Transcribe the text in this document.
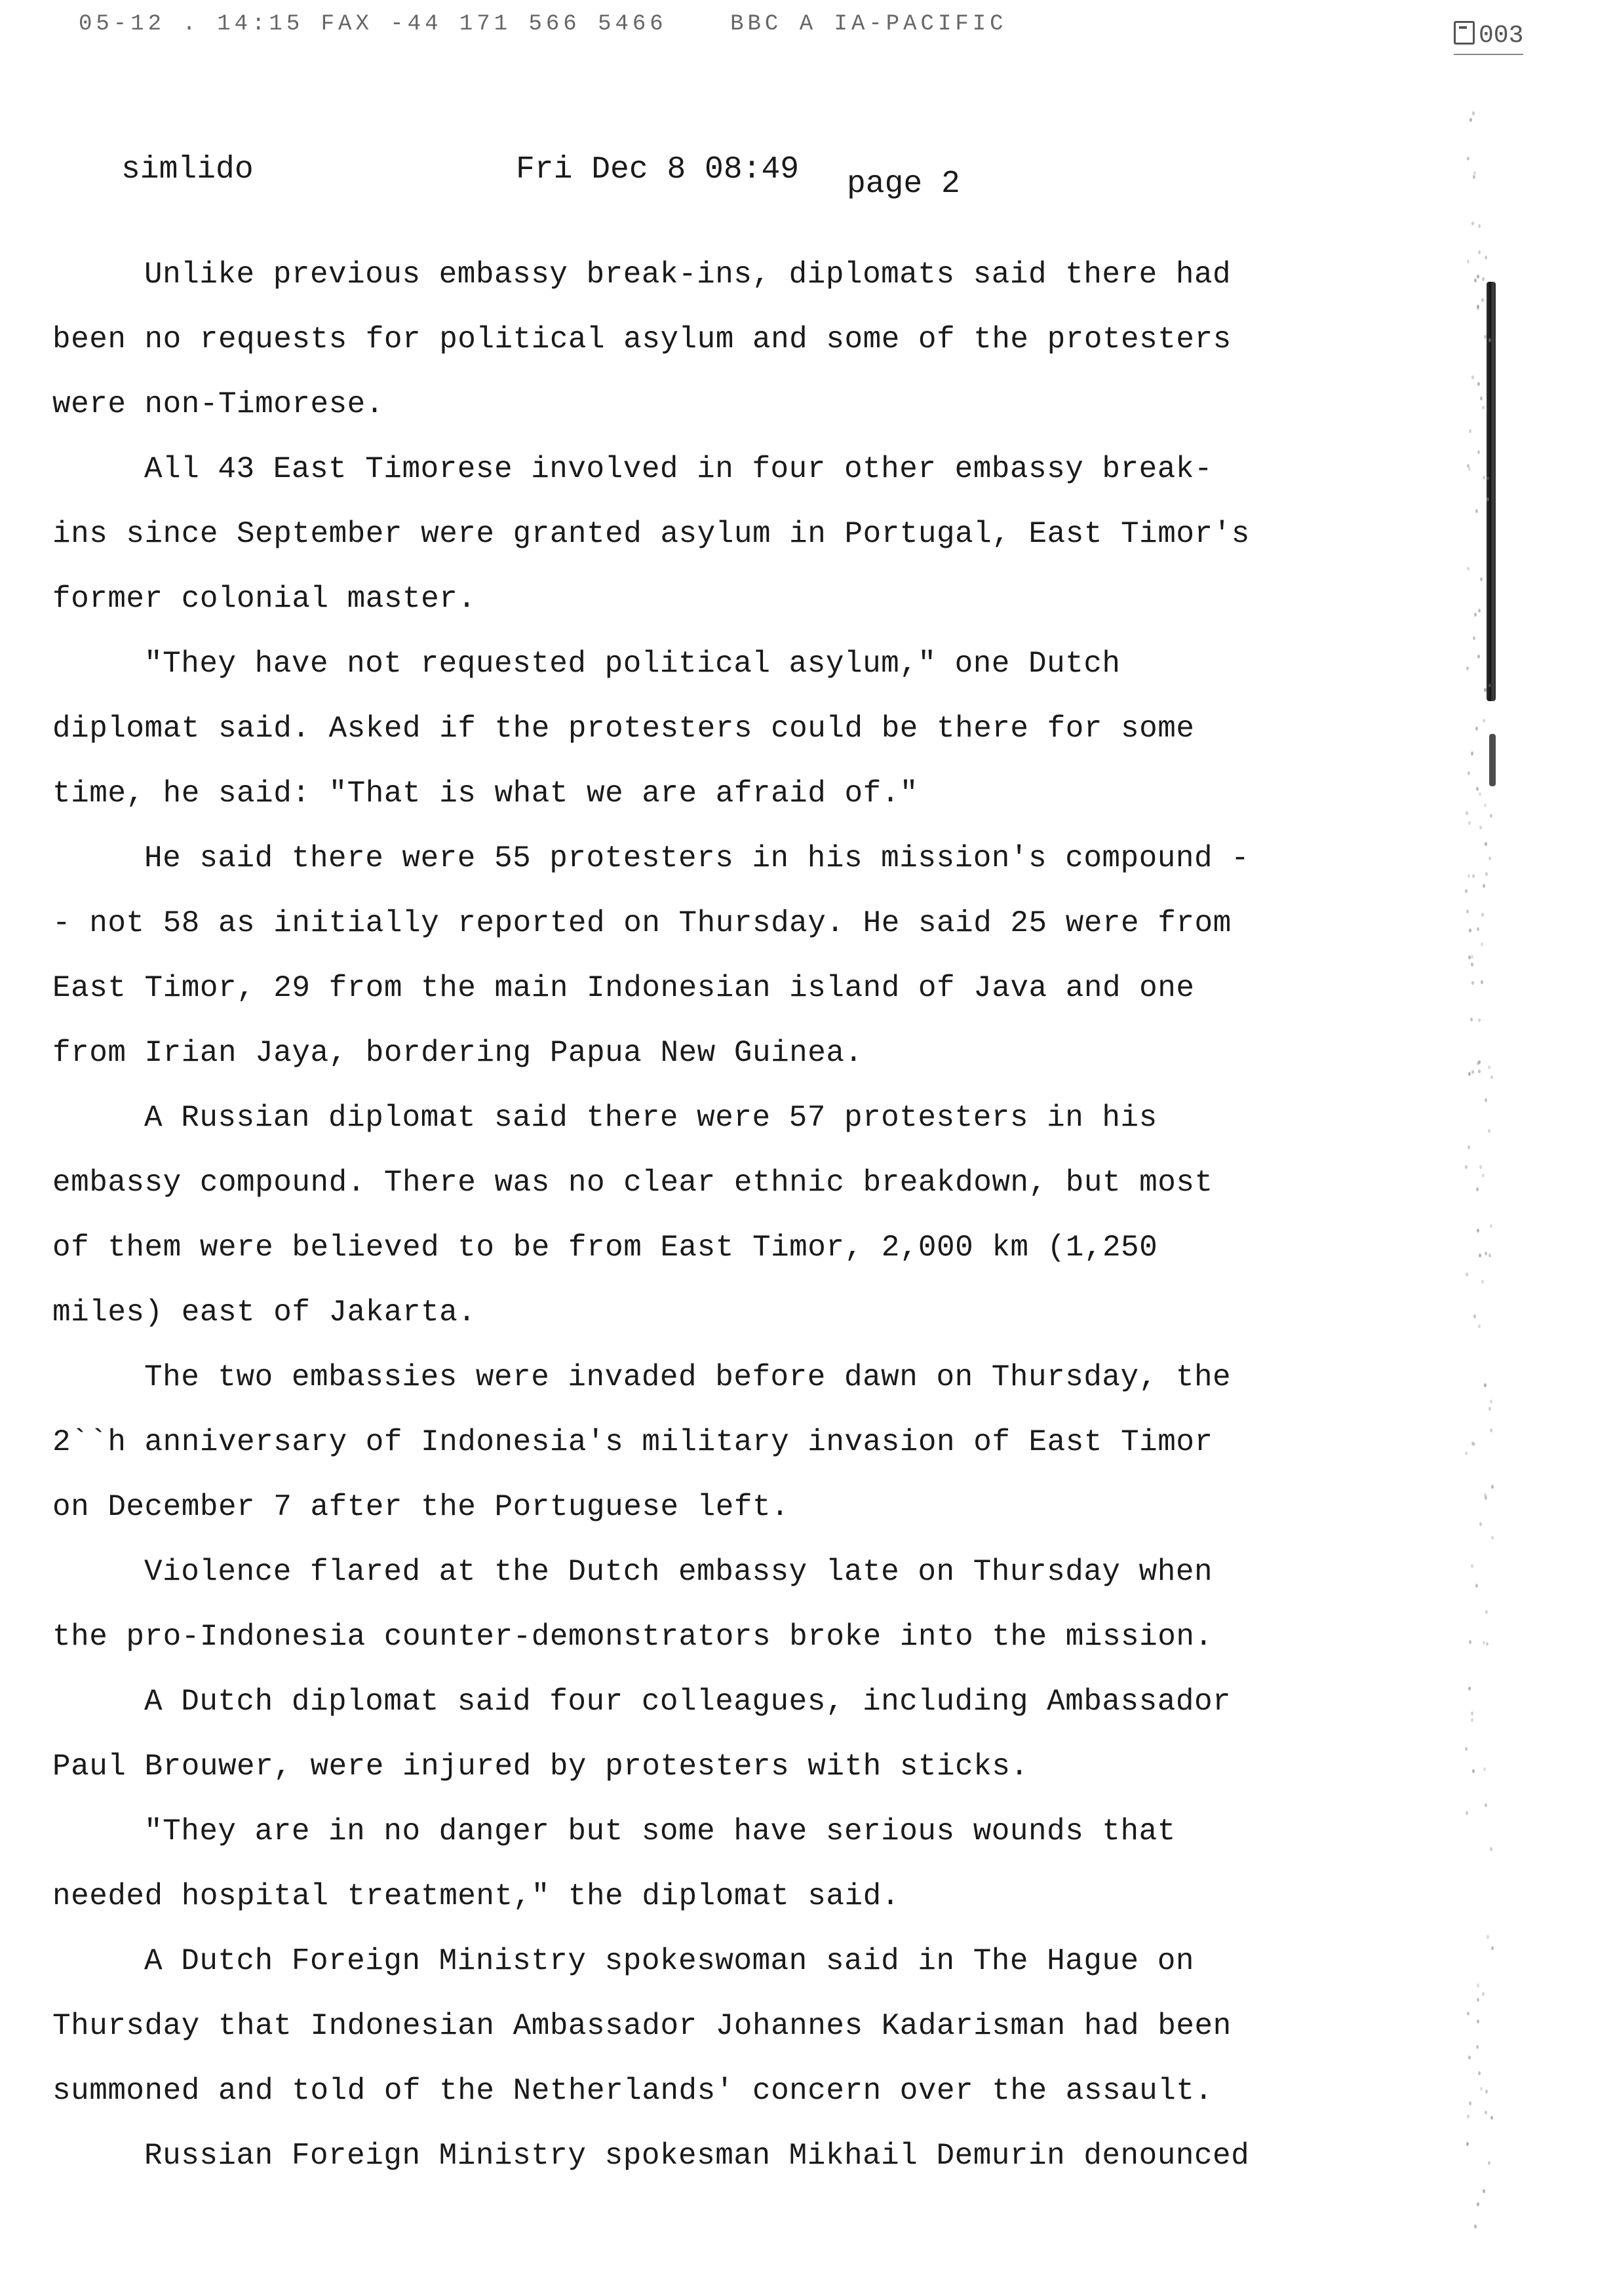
05-12 . 14:15 FAX -44 171 566 5466	BBC A IA-PACIFIC	003
simlido	Fri Dec 8 08:49 page 2

Unlike previous embassy break-ins, diplomats said there had been no requests for political asylum and some of the protesters were non-Timorese.

All 43 East Timorese involved in four other embassy break-ins since September were granted asylum in Portugal, East Timor's former colonial master.

"They have not requested political asylum," one Dutch diplomat said. Asked if the protesters could be there for some time, he said: "That is what we are afraid of."

He said there were 55 protesters in his mission's compound -- not 58 as initially reported on Thursday. He said 25 were from East Timor, 29 from the main Indonesian island of Java and one from Irian Jaya, bordering Papua New Guinea.

A Russian diplomat said there were 57 protesters in his embassy compound. There was no clear ethnic breakdown, but most of them were believed to be from East Timor, 2,000 km (1,250 miles) east of Jakarta.

The two embassies were invaded before dawn on Thursday, the 2``h anniversary of Indonesia's military invasion of East Timor on December 7 after the Portuguese left.

Violence flared at the Dutch embassy late on Thursday when the pro-Indonesia counter-demonstrators broke into the mission.

A Dutch diplomat said four colleagues, including Ambassador Paul Brouwer, were injured by protesters with sticks.

"They are in no danger but some have serious wounds that needed hospital treatment," the diplomat said.

A Dutch Foreign Ministry spokeswoman said in The Hague on Thursday that Indonesian Ambassador Johannes Kadarisman had been summoned and told of the Netherlands' concern over the assault.

Russian Foreign Ministry spokesman Mikhail Demurin denounced
